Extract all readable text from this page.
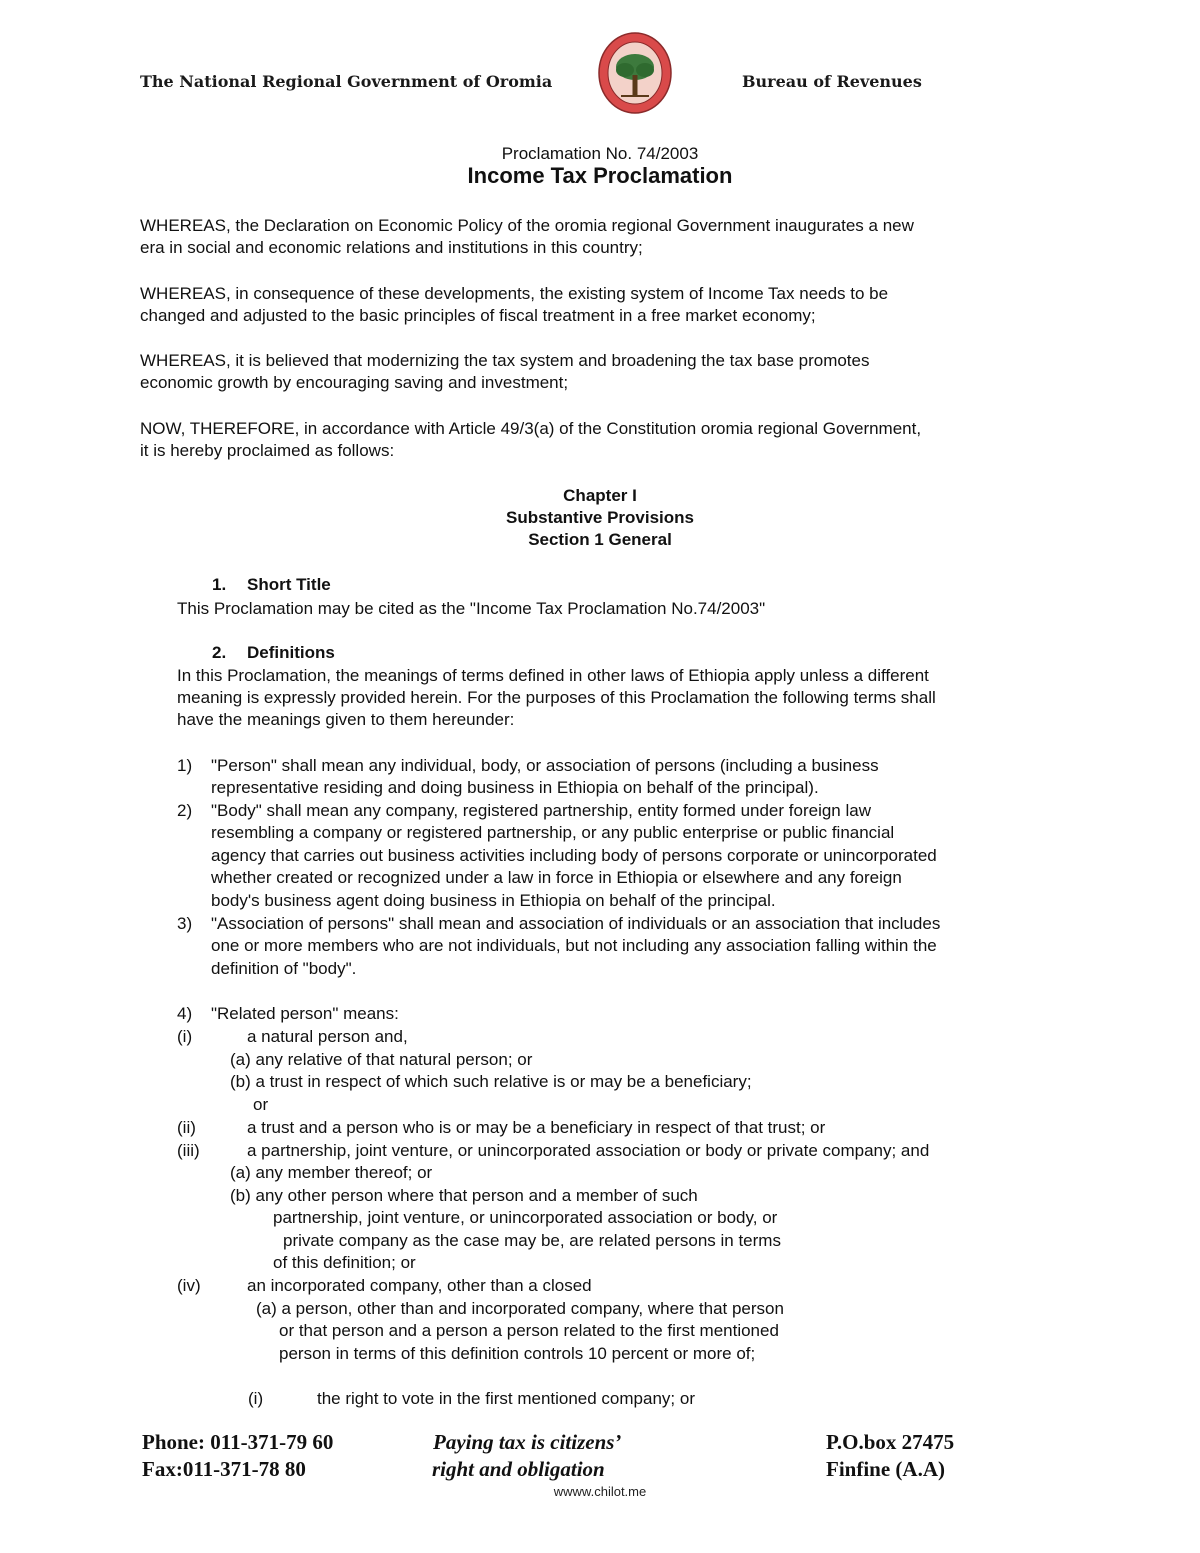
The National Regional Government of Oromia	Bureau of Revenues
Proclamation No. 74/2003
Income Tax Proclamation
WHEREAS, the Declaration on Economic Policy of the oromia regional Government inaugurates a new
era in social and economic relations and institutions in this country;
WHEREAS, in consequence of these developments, the existing system of Income Tax needs to be
changed and adjusted to the basic principles of fiscal treatment in a free market economy;
WHEREAS, it is believed that modernizing the tax system and broadening the tax base promotes
economic growth by encouraging saving and investment;
NOW, THEREFORE, in accordance with Article 49/3(a) of the Constitution oromia regional Government,
it is hereby proclaimed as follows:
Chapter I
Substantive Provisions
Section 1 General
1. Short Title
This Proclamation may be cited as the "Income Tax Proclamation No.74/2003"
2. Definitions
In this Proclamation, the meanings of terms defined in other laws of Ethiopia apply unless a different
meaning is expressly provided herein. For the purposes of this Proclamation the following terms shall
have the meanings given to them hereunder:
1) "Person" shall mean any individual, body, or association of persons (including a business
representative residing and doing business in Ethiopia on behalf of the principal).
2) "Body" shall mean any company, registered partnership, entity formed under foreign law
resembling a company or registered partnership, or any public enterprise or public financial
agency that carries out business activities including body of persons corporate or unincorporated
whether created or recognized under a law in force in Ethiopia or elsewhere and any foreign
body's business agent doing business in Ethiopia on behalf of the principal.
3) "Association of persons" shall mean and association of individuals or an association that includes
one or more members who are not individuals, but not including any association falling within the
definition of "body".
4) "Related person" means:
(i)	a natural person and,
(a) any relative of that natural person; or
(b) a trust in respect of which such relative is or may be a beneficiary;
or
(ii)	a trust and a person who is or may be a beneficiary in respect of that trust; or
(iii)	a partnership, joint venture, or unincorporated association or body or private company; and
(a) any member thereof; or
(b) any other person where that person and a member of such
partnership, joint venture, or unincorporated association or body, or
private company as the case may be, are related persons in terms
of this definition; or
(iv)	an incorporated company, other than a closed
(a) a person, other than and incorporated company, where that person
or that person and a person a person related to the first mentioned
person in terms of this definition controls 10 percent or more of;
(i)	the right to vote in the first mentioned company; or
Phone: 011-371-79 60
Fax:011-371-78 80
Paying tax is citizens’
right and obligation
P.O.box 27475
Finfine (A.A)
wwww.chilot.me
